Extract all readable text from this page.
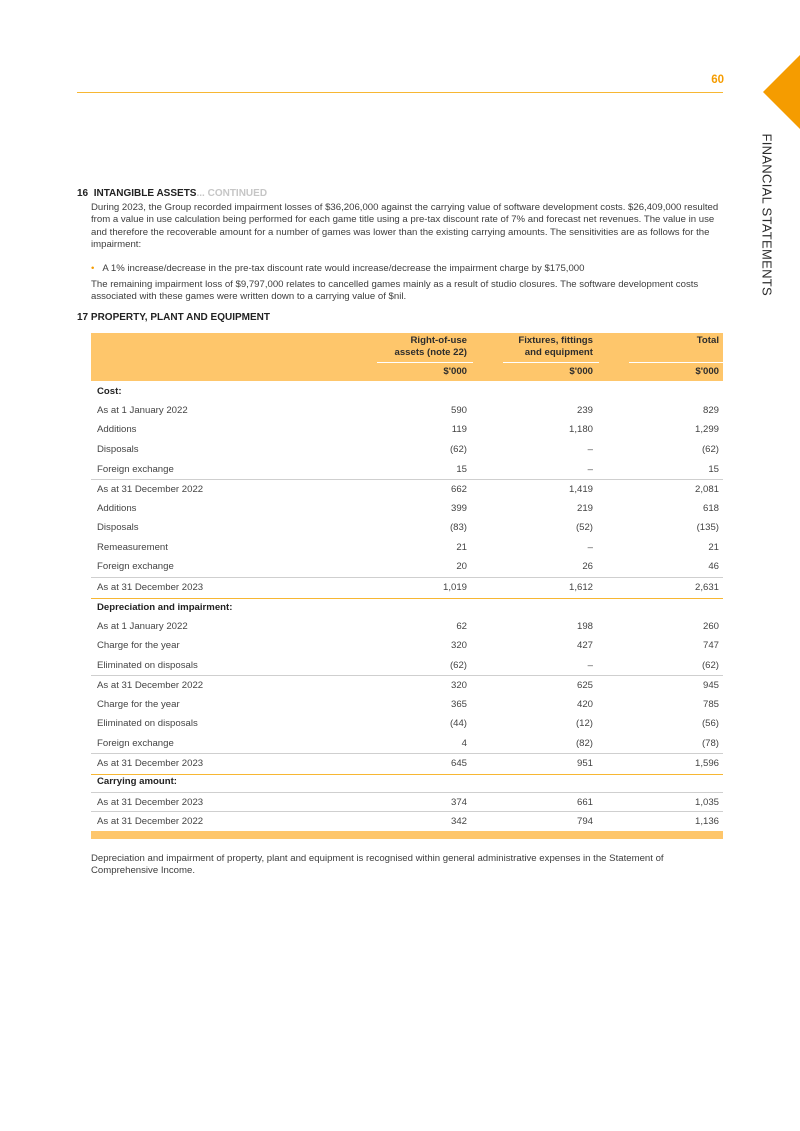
60
FINANCIAL STATEMENTS
16 INTANGIBLE ASSETS... CONTINUED
During 2023, the Group recorded impairment losses of $36,206,000 against the carrying value of software development costs. $26,409,000 resulted from a value in use calculation being performed for each game title using a pre-tax discount rate of 7% and forecast net revenues. The value in use and therefore the recoverable amount for a number of games was lower than the existing carrying amounts. The sensitivities are as follows for the impairment:
• A 1% increase/decrease in the pre-tax discount rate would increase/decrease the impairment charge by $175,000
The remaining impairment loss of $9,797,000 relates to cancelled games mainly as a result of studio closures. The software development costs associated with these games were written down to a carrying value of $nil.
17 PROPERTY, PLANT AND EQUIPMENT
Right-of-use
assets (note 22)
Fixtures, fittings
and equipment
Total
$'000	$'000	$'000
Cost:
As at 1 January 2022	590	239	829
Additions	119	1,180	1,299
Disposals	(62)	–	(62)
Foreign exchange	15	–	15
As at 31 December 2022	662	1,419	2,081
Additions	399	219	618
Disposals	(83)	(52)	(135)
Remeasurement	21	–	21
Foreign exchange	20	26	46
As at 31 December 2023	1,019	1,612	2,631
Depreciation and impairment:
As at 1 January 2022	62	198	260
Charge for the year	320	427	747
Eliminated on disposals	(62)	–	(62)
As at 31 December 2022	320	625	945
Charge for the year	365	420	785
Eliminated on disposals	(44)	(12)	(56)
Foreign exchange	4	(82)	(78)
As at 31 December 2023	645	951	1,596
Carrying amount:
As at 31 December 2023	374	661	1,035
As at 31 December 2022	342	794	1,136
Depreciation and impairment of property, plant and equipment is recognised within general administrative expenses in the Statement of Comprehensive Income.
